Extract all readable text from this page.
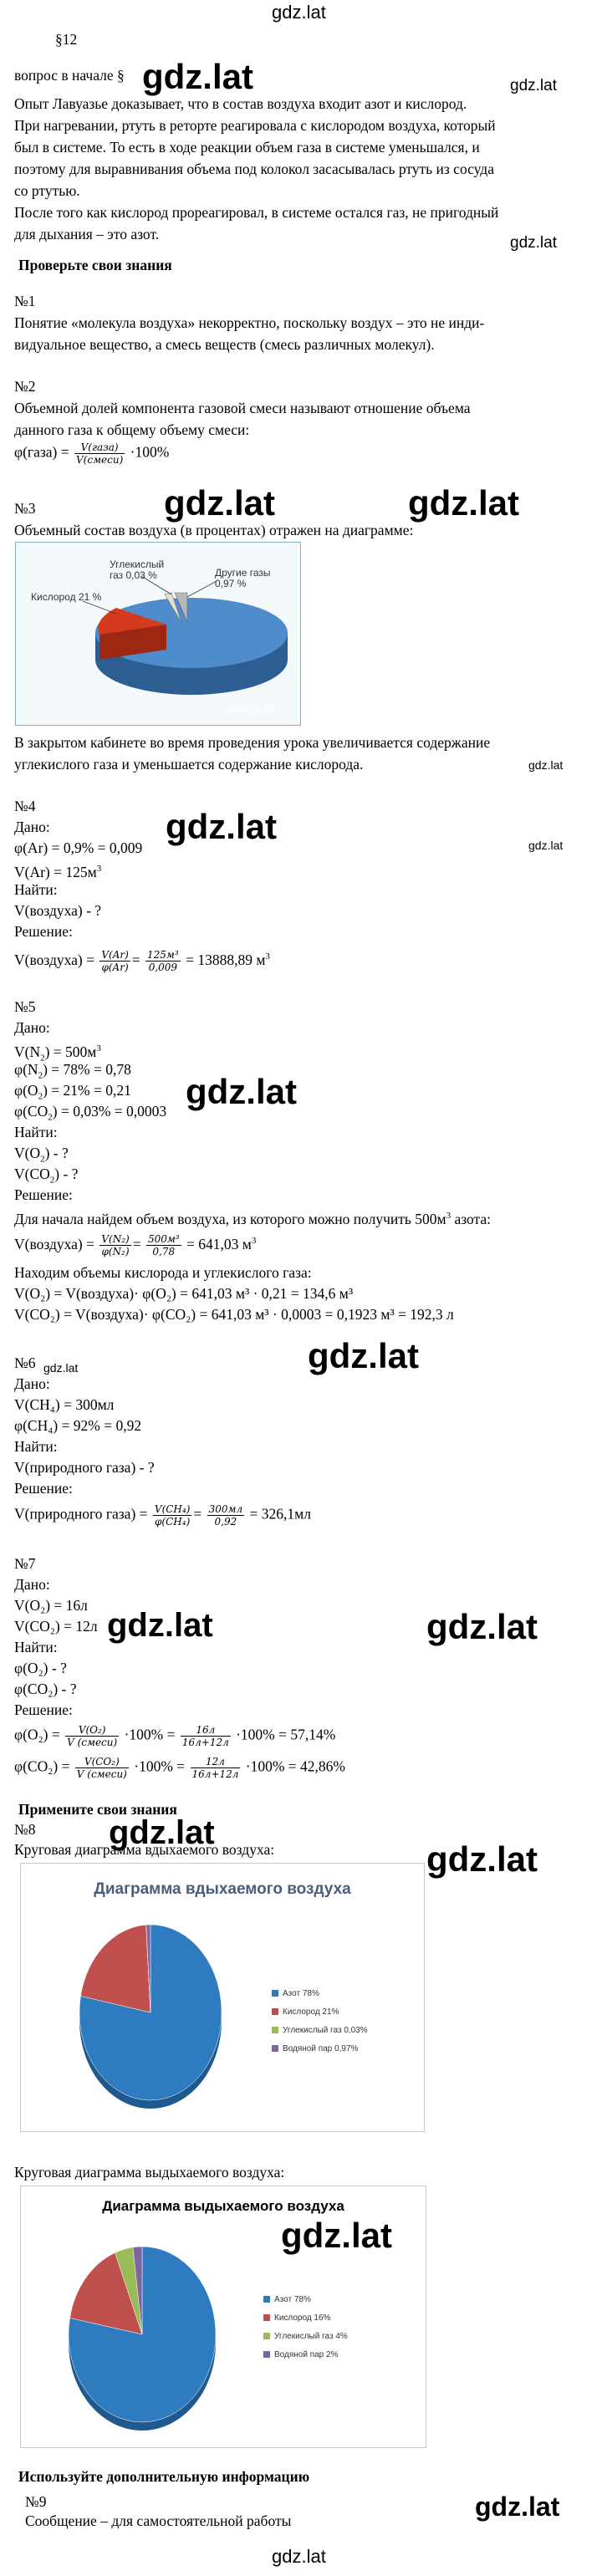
gdz.lat
§12
вопрос в начале § gdz.lat	gdz.lat
Опыт Лавуазье доказывает, что в состав воздуха входит азот и кислород.
При нагревании, ртуть в реторте реагировала с кислородом воздуха, который
был в системе. То есть в ходе реакции объем газа в системе уменьшался, и
поэтому для выравнивания объема под колокол засасывалась ртуть из сосуда
со ртутью.
После того как кислород прореагировал, в системе остался газ, не пригодный
для дыхания – это азот.	gdz.lat
Проверьте свои знания
№1
Понятие «молекула воздуха» некорректно, поскольку воздух – это не инди-
видуальное вещество, а смесь веществ (смесь различных молекул).
№2
Объемной долей компонента газовой смеси называют отношение объема
данного газа к общему объему смеси:
φ(газа) = $\frac{\text{V(газа)}}{\text{V(смеси)}} \cdot 100\%$
№3	gdz.lat	gdz.lat
Объемный состав воздуха (в процентах) отражен на диаграмме:
Углекислый газ 0,03 %	Другие газы 0,97 %
Кислород 21 %
Азот 78 %
В закрытом кабинете во время проведения урока увеличивается содержание
углекислого газа и уменьшается содержание кислорода.	gdz.lat
№4
Дано:	gdz.lat	gdz.lat
φ(Ar) = 0,9% = 0,009
$V(Ar) = 125м^3$
Найти:
V(воздуха) - ?
Решение:
V(воздуха) = $\frac{V(Ar)}{\varphi(Ar)} = \frac{\text{125м³}}{0,009} = 13888,89$ $м^3$
№5
Дано:
$V(N_2) = 500м^3$
$\varphi(N_2) = 78\% = 0,78$
gdz.lat
$\varphi(O_2) = 21\% = 0,21$
$\varphi(CO_2) = 0,03\% = 0,0003$
Найти:
$V(O_2)$ - ?
$V(CO_2)$ - ?
Решение:
Для начала найдем объем воздуха, из которого можно получить $500м^3$ азота:
V(воздуха) = $\frac{\text{V(N₂)}}{\text{φ(N₂)}} = \frac{\text{500м³}}{0,78} = 641,03$ $м^3$
Находим объемы кислорода и углекислого газа:
V(O₂) = V(воздуха)· φ(O₂) = 641,03 м³ · 0,21 = 134,6 м³
V(CO₂) = V(воздуха)· φ(CO₂) = 641,03 м³ · 0,0003 = 0,1923 м³ = 192,3 л
gdz.lat
№6 gdz.lat
Дано:
V(CH₄) = 300мл
φ(CH₄) = 92% = 0,92
Найти:
V(природного газа) - ?
Решение:
V(природного газа) = $\frac{\text{V(CH₄)}}{\text{φ(CH₄)}} = \frac{300мл}{0,92} = 326,1мл$
№7
Дано:
V(O₂) = 16л
V(CO₂) = 12л gdz.lat	gdz.lat
Найти:
φ(O₂) - ?
φ(CO₂) - ?
Решение:
$\varphi(O_2) = \frac{\text{V(O₂)}}{\text{V (смеси)}} \cdot 100\% = \frac{16л}{16л+12л} \cdot 100\% = 57,14\%$
$\varphi(CO_2) = \frac{\text{V(CO₂)}}{\text{V (смеси)}} \cdot 100\% = \frac{12л}{16л+12л} \cdot 100\% = 42,86\%$
Примените свои знания
№8 gdz.lat
Круговая диаграмма вдыхаемого воздуха:	gdz.lat
Диаграмма вдыхаемого воздуха
Азот 78%
Кислород 21%
Углекислый газ 0,03%
Водяной пар 0,97%
Круговая диаграмма выдыхаемого воздуха:
Диаграмма выдыхаемого воздуха
Азот 78%
Кислород 16%
Углекислый газ 4%
Водяной пар 2%
gdz.lat
Используйте дополнительную информацию
№9
Сообщение – для самостоятельной работы	gdz.lat
gdz.lat
